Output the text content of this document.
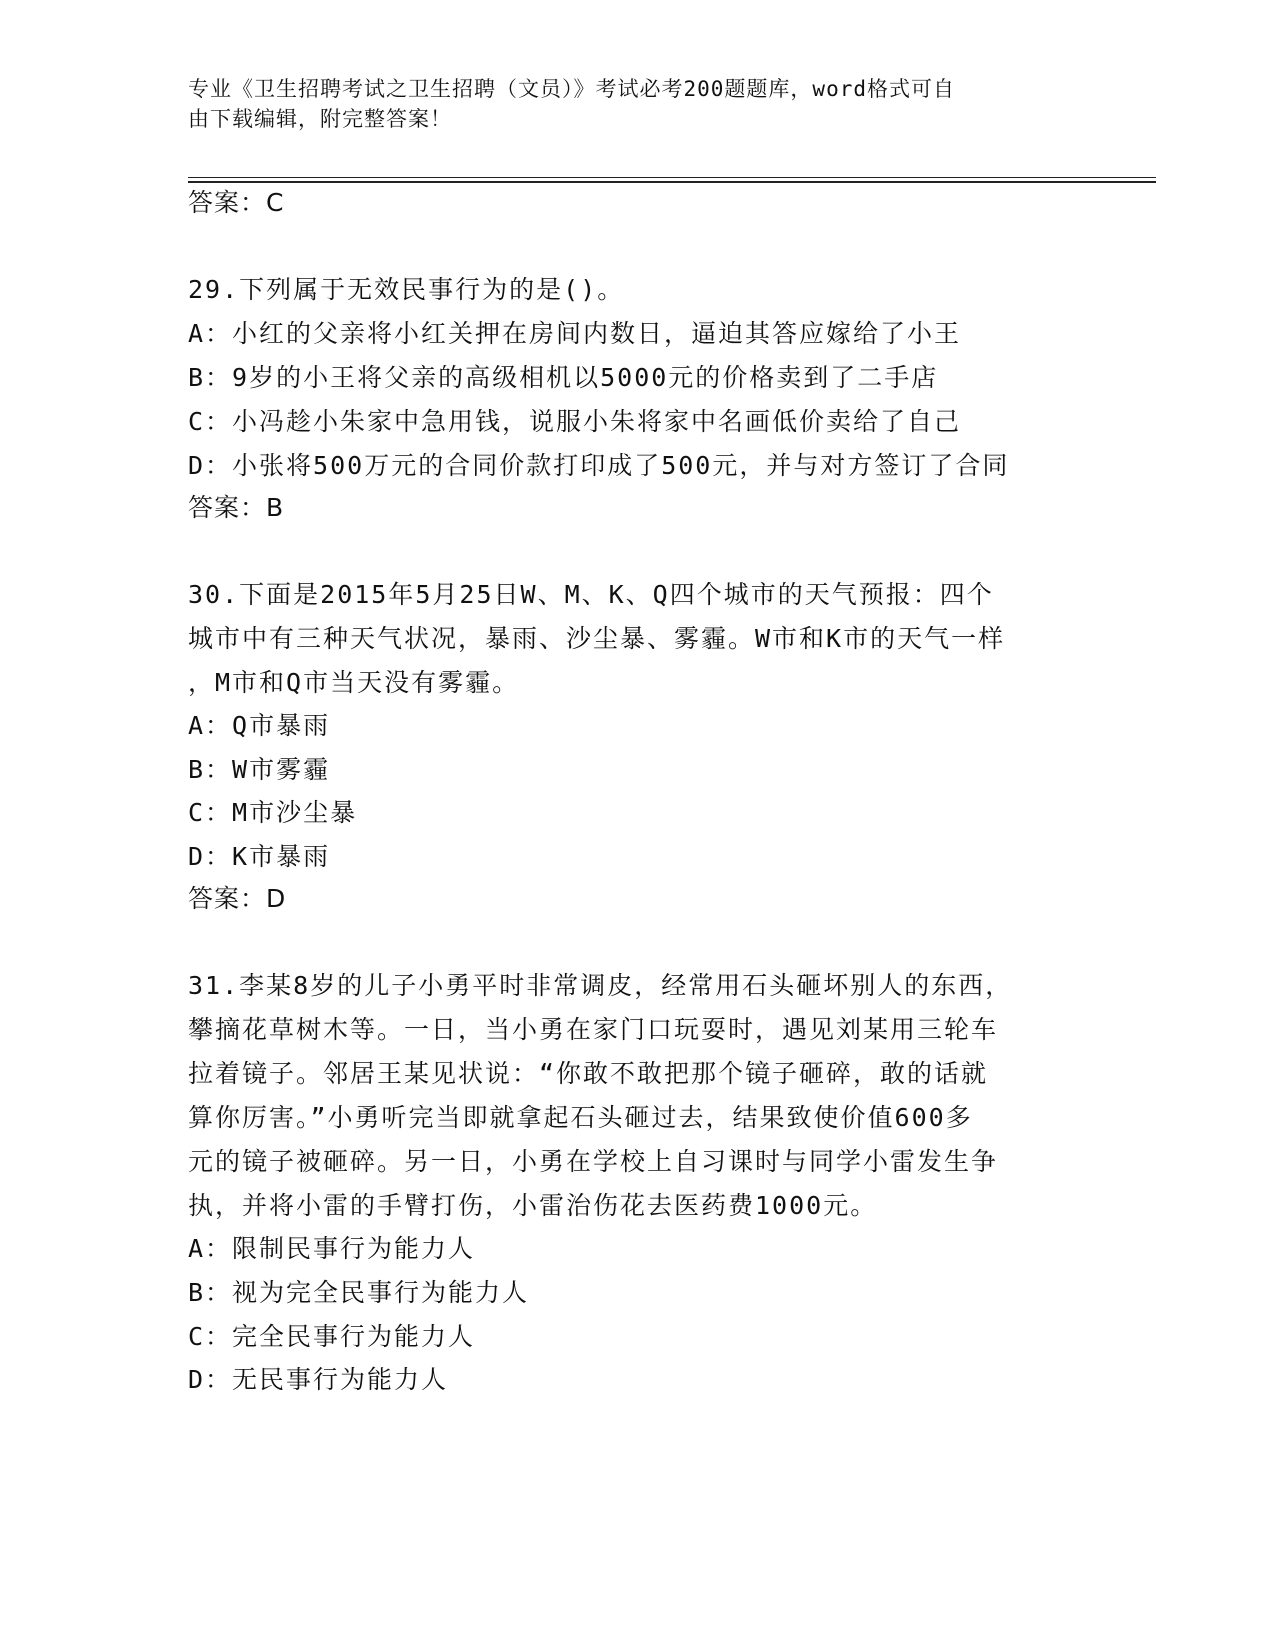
专业《卫生招聘考试之卫生招聘（文员）》考试必考200题题库，word格式可自
由下载编辑，附完整答案！
答案：C
29.下列属于无效民事行为的是()。
A：小红的父亲将小红关押在房间内数日，逼迫其答应嫁给了小王
B：9岁的小王将父亲的高级相机以5000元的价格卖到了二手店
C：小冯趁小朱家中急用钱，说服小朱将家中名画低价卖给了自己
D：小张将500万元的合同价款打印成了500元，并与对方签订了合同
答案：B
30.下面是2015年5月25日W、M、K、Q四个城市的天气预报：四个
城市中有三种天气状况，暴雨、沙尘暴、雾霾。W市和K市的天气一样
，M市和Q市当天没有雾霾。
A：Q市暴雨
B：W市雾霾
C：M市沙尘暴
D：K市暴雨
答案：D
31.李某8岁的儿子小勇平时非常调皮，经常用石头砸坏别人的东西，
攀摘花草树木等。一日，当小勇在家门口玩耍时，遇见刘某用三轮车
拉着镜子。邻居王某见状说：“你敢不敢把那个镜子砸碎，敢的话就
算你厉害。”小勇听完当即就拿起石头砸过去，结果致使价值600多
元的镜子被砸碎。另一日，小勇在学校上自习课时与同学小雷发生争
执，并将小雷的手臂打伤，小雷治伤花去医药费1000元。
A：限制民事行为能力人
B：视为完全民事行为能力人
C：完全民事行为能力人
D：无民事行为能力人
